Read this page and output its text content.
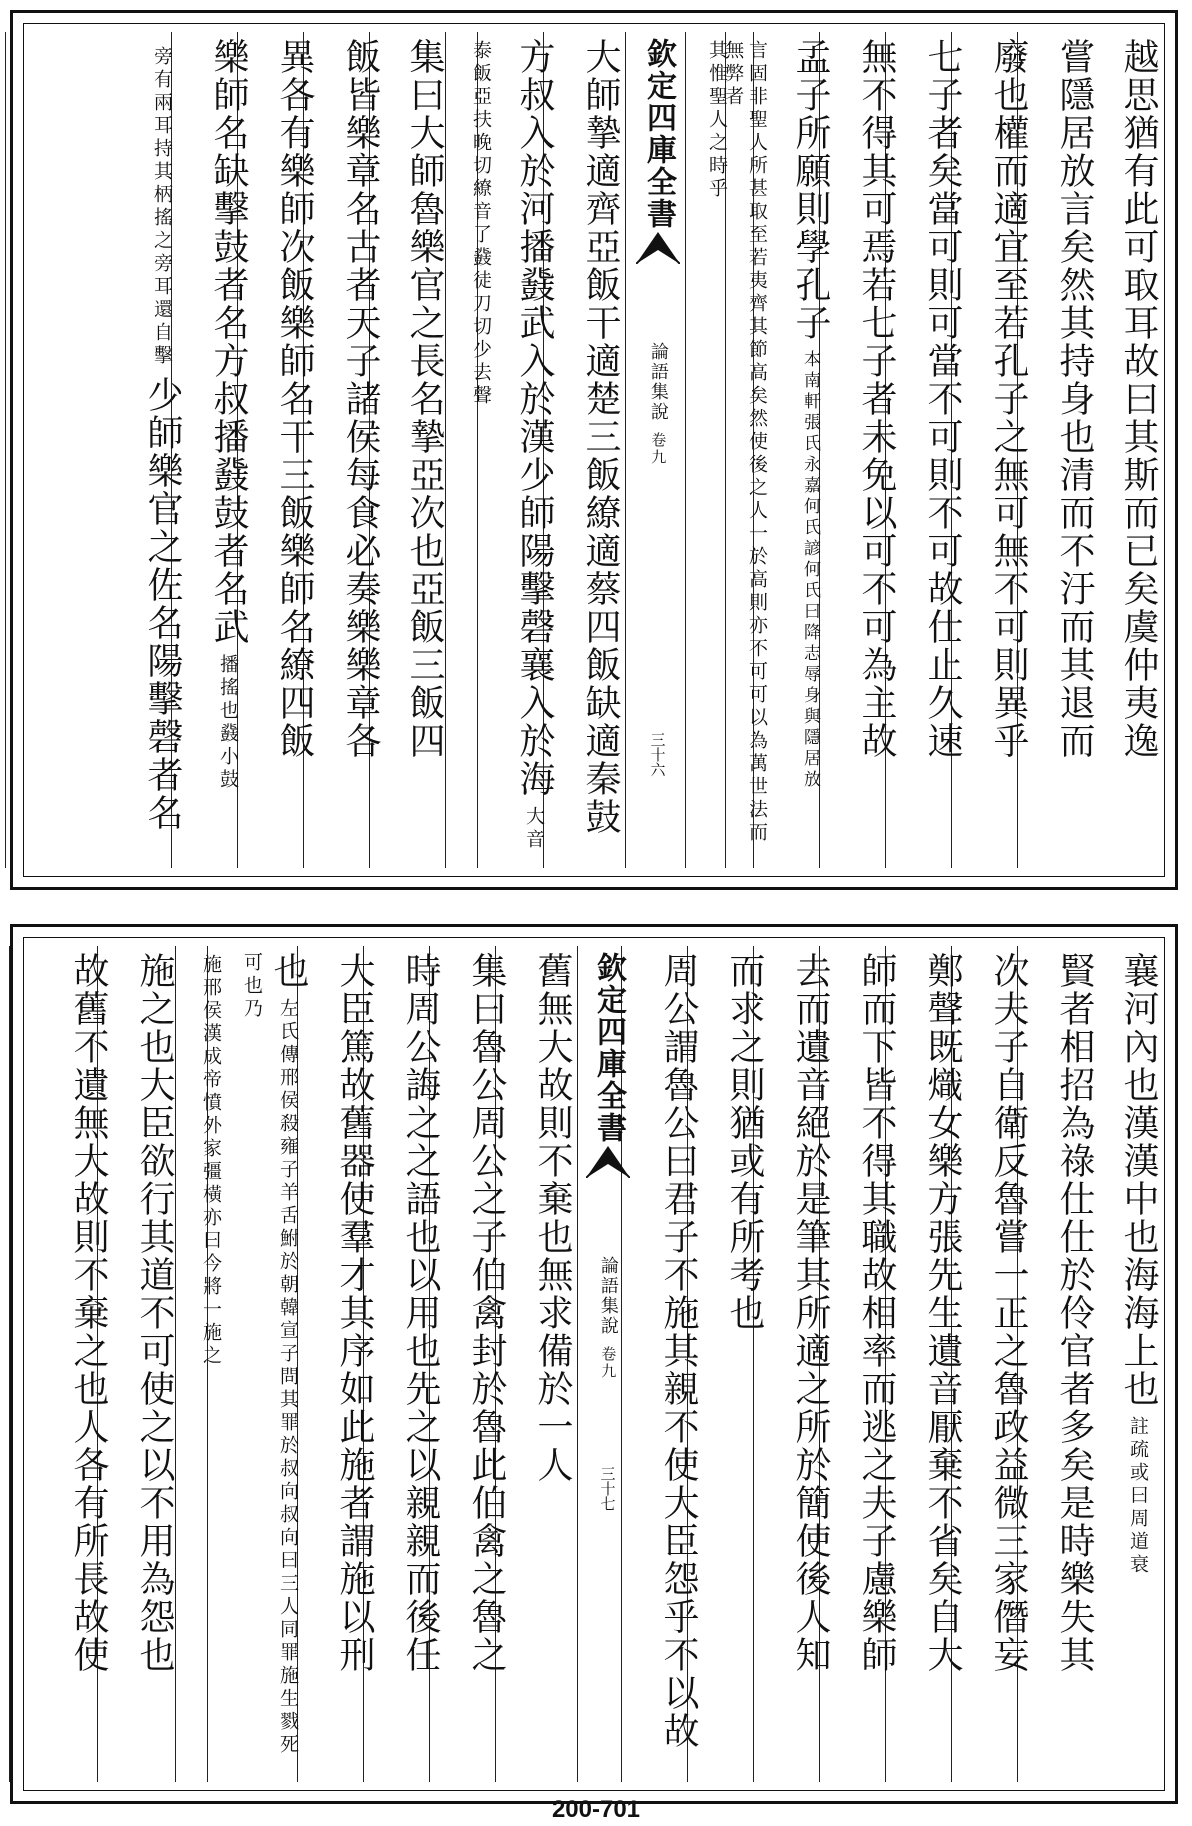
越思猶有此可取耳故曰其斯而已矣虞仲夷逸
嘗隱居放言矣然其持身也清而不汙而其退而
廢也權而適宜至若孔子之無可無不可則異乎
七子者矣當可則可當不可則不可故仕止久速
無不得其可焉若七子者未免以可不可為主故
孟子所願則學孔子本南軒張氏永嘉何氏諺何氏曰降志辱身與隱居放
言固非聖人所甚取至若夷齊其節高矣然使後之人一於高則亦不可可以為萬世法而無弊者
其惟聖人之時乎
欽定四庫全書
論語集說
卷九
三十六
大師摯適齊亞飯干適楚三飯繚適蔡四飯缺適秦鼓
方叔入於河播鼗武入於漢少師陽擊磬襄入於海大音
泰飯亞扶晚切繚音了鼗徒刀切少去聲
集曰大師魯樂官之長名摯亞次也亞飯三飯四
飯皆樂章名古者天子諸侯每食必奏樂樂章各
異各有樂師次飯樂師名干三飯樂師名繚四飯
樂師名缺擊鼓者名方叔播鼗鼓者名武播搖也鼗小鼓
旁有兩耳持其柄搖之旁耳還自擊少師樂官之佐名陽擊磬者名
襄河內也漢漢中也海海上也註疏或曰周道衰
賢者相招為祿仕仕於伶官者多矣是時樂失其
次夫子自衛反魯嘗一正之魯政益微三家僭妄
鄭聲既熾女樂方張先生遺音厭棄不省矣自大
師而下皆不得其職故相率而逃之夫子慮樂師
去而遺音絕於是筆其所適之所於簡使後人知
而求之則猶或有所考也
周公謂魯公曰君子不施其親不使大臣怨乎不以故
欽定四庫全書
論語集說
卷九
三十七
舊無大故則不棄也無求備於一人
集曰魯公周公之子伯禽封於魯此伯禽之魯之
時周公誨之之語也以用也先之以親親而後任
大臣篤故舊器使羣才其序如此施者謂施以刑
也左氏傳邢侯殺雍子羊舌鮒於朝韓宣子問其罪於叔向叔向曰三人同罪施生戮死可也乃
施邢侯漢成帝憤外家彊橫亦曰今將一施之
施之也大臣欲行其道不可使之以不用為怨也
故舊不遺無大故則不棄之也人各有所長故使
200-701
